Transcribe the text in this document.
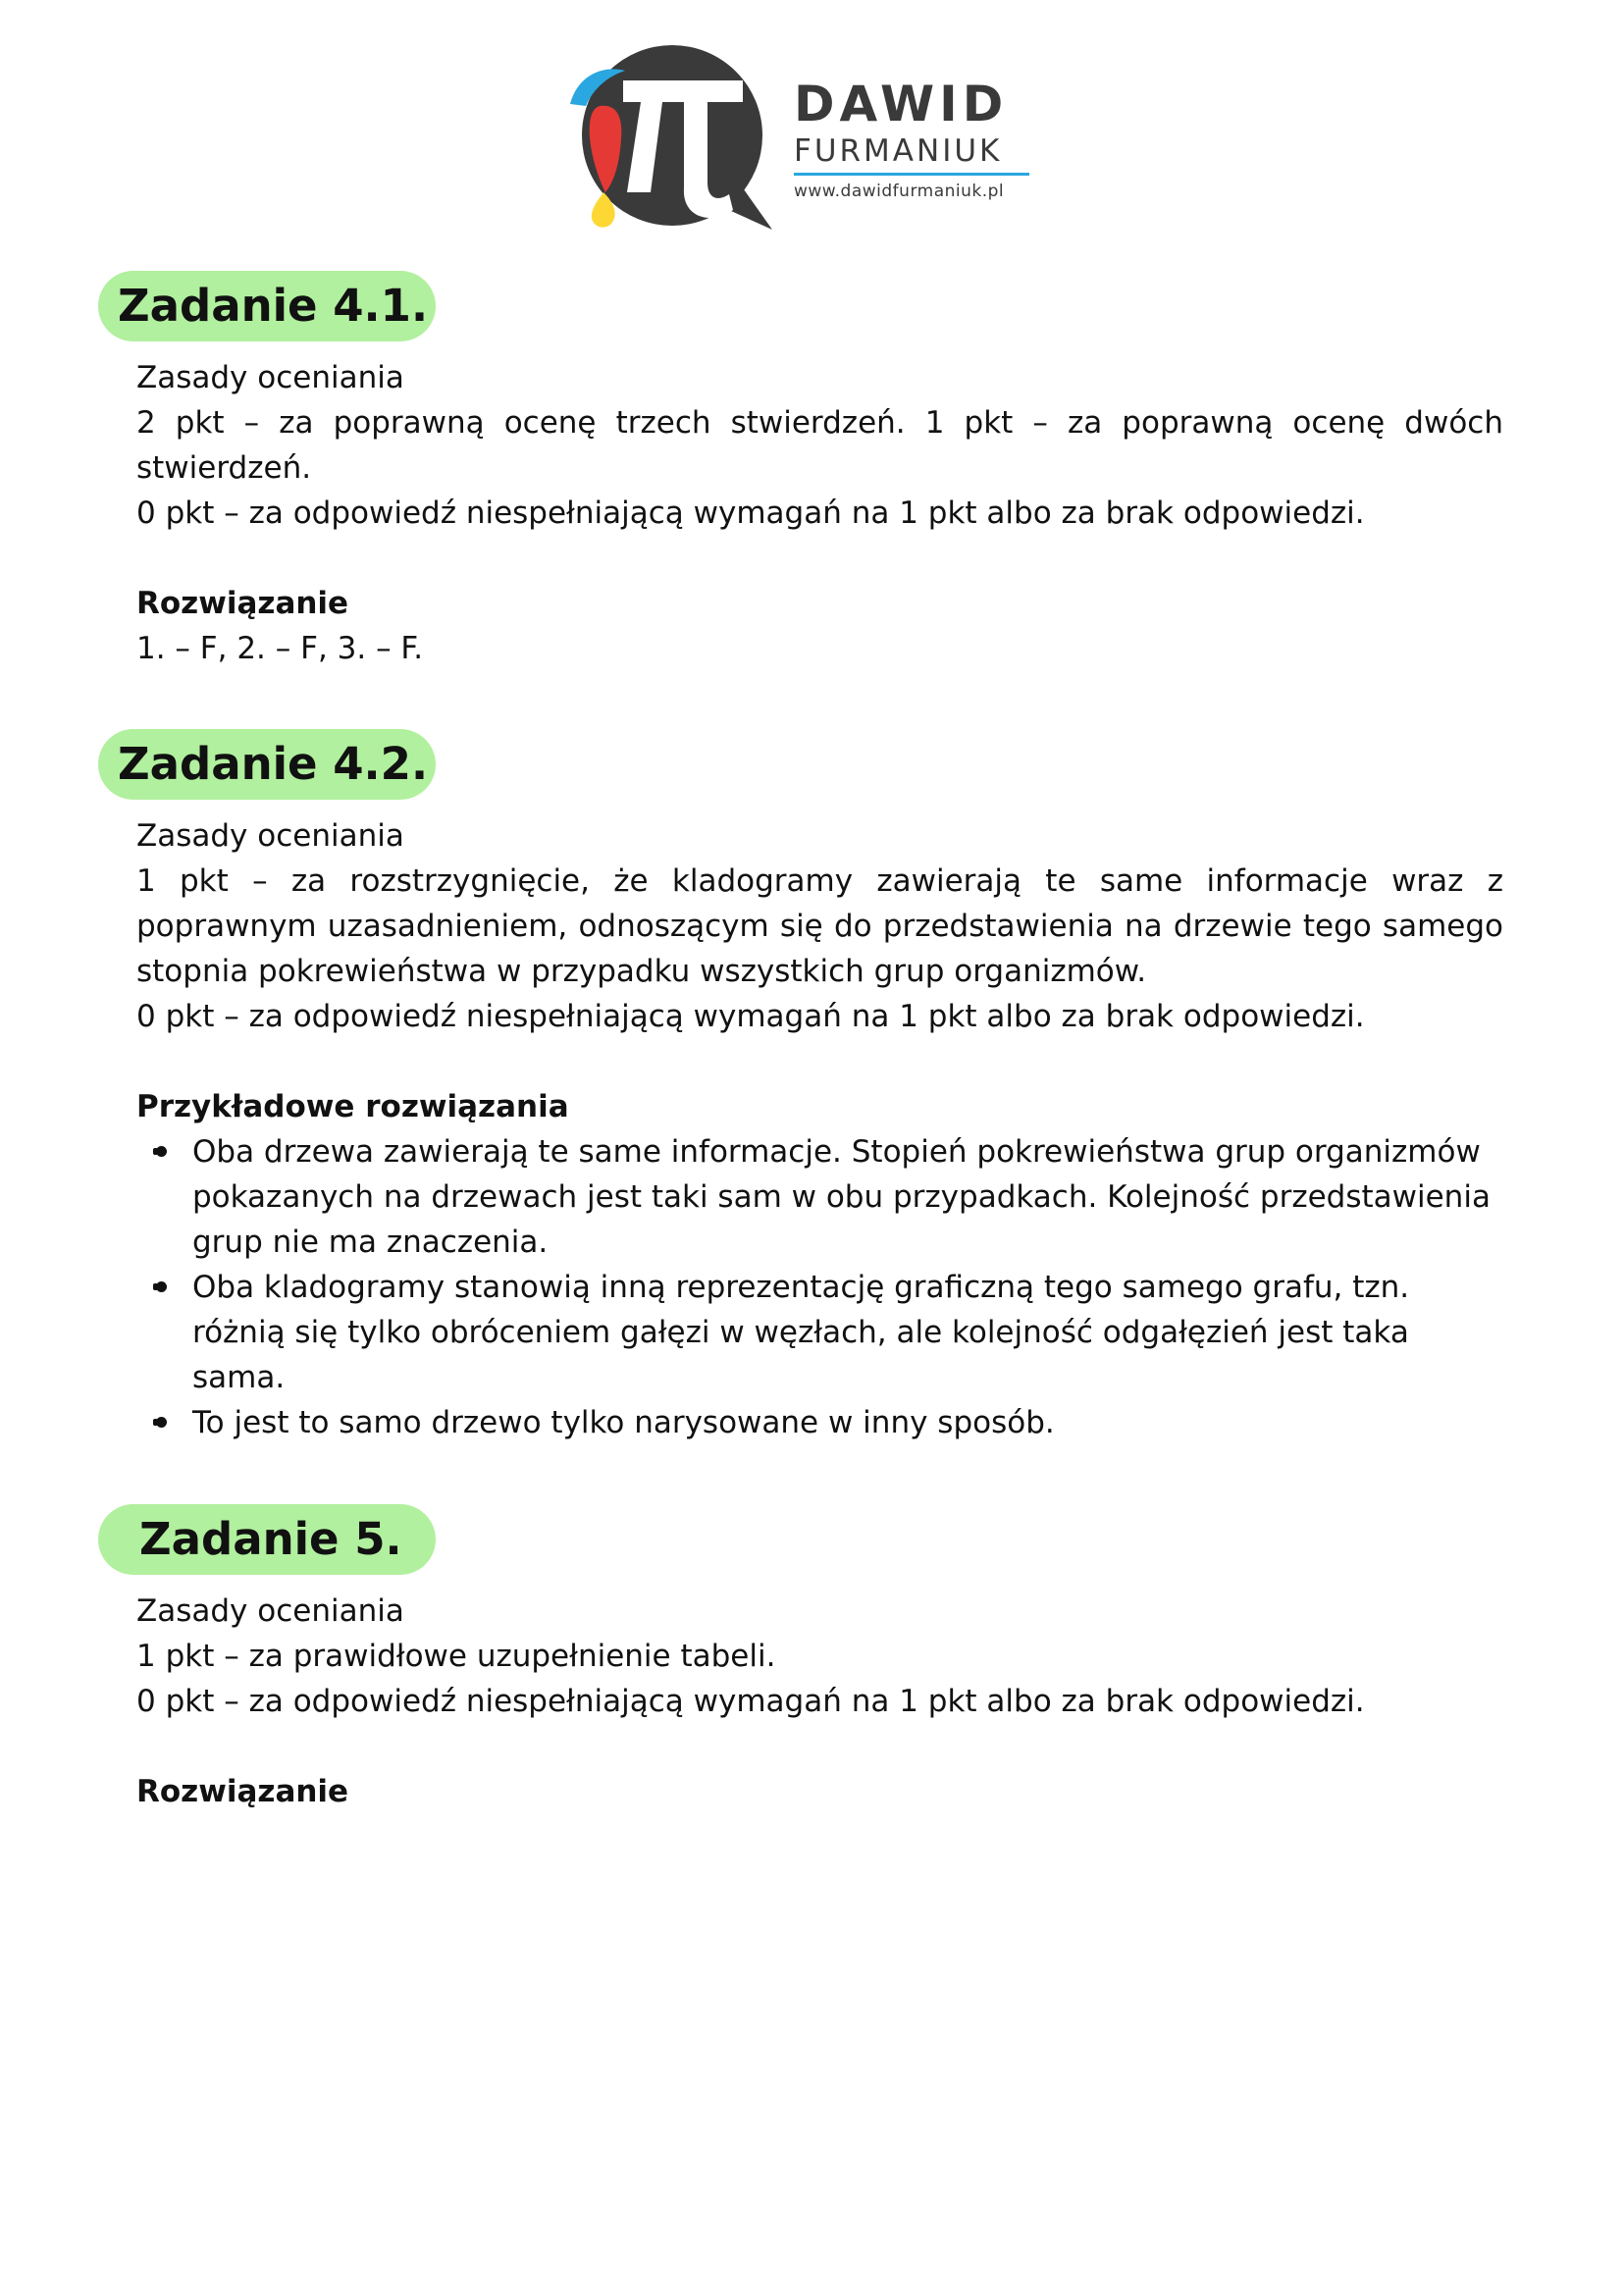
DAWID
FURMANIUK
www.dawidfurmaniuk.pl
Zadanie 4.1.

Zasady oceniania

2 pkt – za poprawną ocenę trzech stwierdzeń. 1 pkt – za poprawną ocenę dwóch stwierdzeń.

0 pkt – za odpowiedź niespełniającą wymagań na 1 pkt albo za brak odpowiedzi.

Rozwiązanie

1. – F, 2. – F, 3. – F.

Zadanie 4.2.

Zasady oceniania

1 pkt – za rozstrzygnięcie, że kladogramy zawierają te same informacje wraz z poprawnym uzasadnieniem, odnoszącym się do przedstawienia na drzewie tego samego stopnia pokrewieństwa w przypadku wszystkich grup organizmów.

0 pkt – za odpowiedź niespełniającą wymagań na 1 pkt albo za brak odpowiedzi.

Przykładowe rozwiązania

Oba drzewa zawierają te same informacje. Stopień pokrewieństwa grup organizmów pokazanych na drzewach jest taki sam w obu przypadkach. Kolejność przedstawienia grup nie ma znaczenia.
Oba kladogramy stanowią inną reprezentację graficzną tego samego grafu, tzn. różnią się tylko obróceniem gałęzi w węzłach, ale kolejność odgałęzień jest taka sama.
To jest to samo drzewo tylko narysowane w inny sposób.
Zadanie 5.

Zasady oceniania

1 pkt – za prawidłowe uzupełnienie tabeli.

0 pkt – za odpowiedź niespełniającą wymagań na 1 pkt albo za brak odpowiedzi.

Rozwiązanie
